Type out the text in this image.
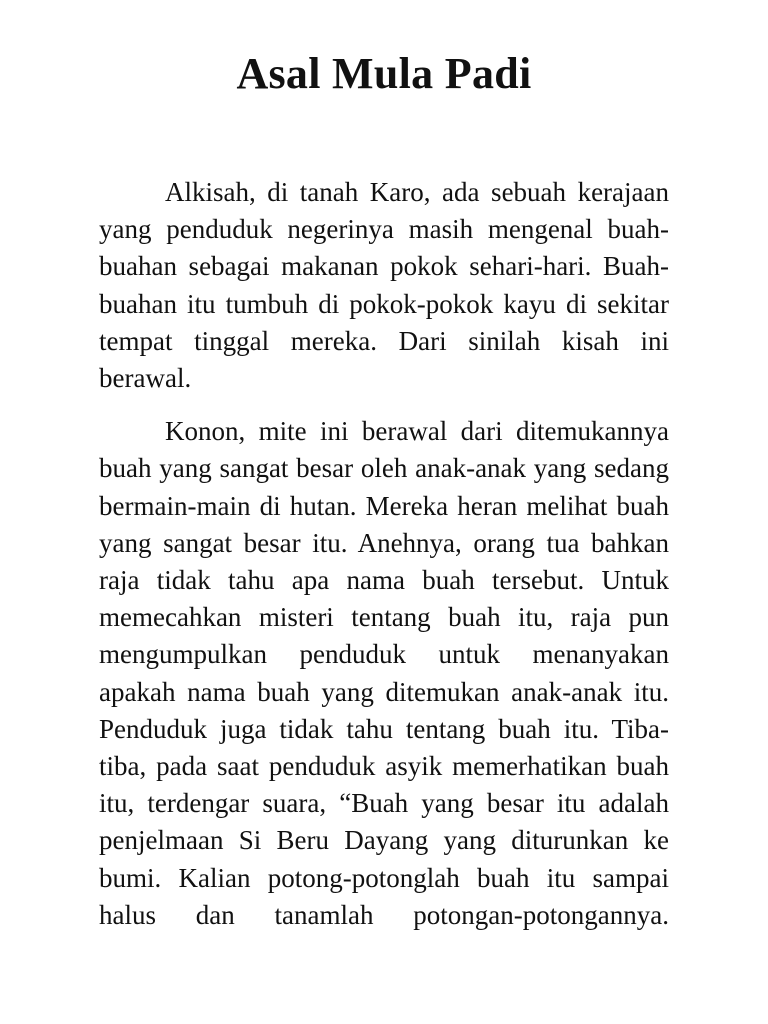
Asal Mula Padi

Alkisah, di tanah Karo, ada sebuah kerajaan yang penduduk negerinya masih mengenal buah-buahan sebagai makanan pokok sehari-hari. Buah-buahan itu tumbuh di pokok-pokok kayu di sekitar tempat tinggal mereka. Dari sinilah kisah ini berawal.

Konon, mite ini berawal dari ditemukannya buah yang sangat besar oleh anak-anak yang sedang bermain-main di hutan. Mereka heran melihat buah yang sangat besar itu. Anehnya, orang tua bahkan raja tidak tahu apa nama buah tersebut. Untuk memecahkan misteri tentang buah itu, raja pun mengumpulkan penduduk untuk menanyakan apakah nama buah yang ditemukan anak-anak itu. Penduduk juga tidak tahu tentang buah itu. Tiba-tiba, pada saat penduduk asyik memerhatikan buah itu, terdengar suara, “Buah yang besar itu adalah penjelmaan Si Beru Dayang yang diturunkan ke bumi. Kalian potong-potonglah buah itu sampai halus dan tanamlah potongan-potongannya.
